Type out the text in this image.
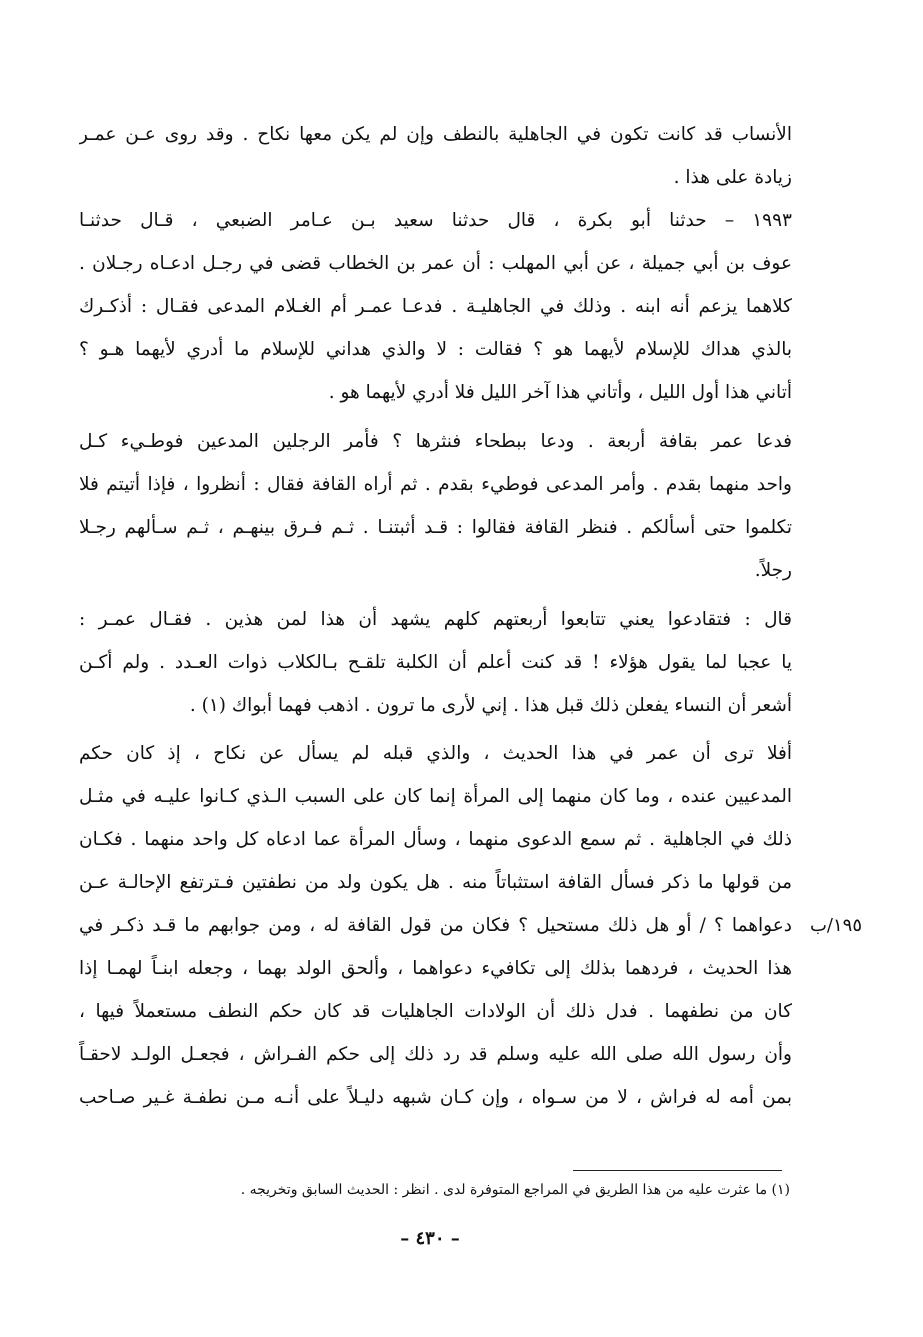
الأنساب قد كانت تكون في الجاهلية بالنطف وإن لم يكن معها نكاح . وقد روى عـن عمـر
زيادة على هذا .
١٩٩٣ – حدثنا أبو بكرة ، قال حدثنا سعيد بـن عـامر الضبعي ، قـال حدثنـا
عوف بن أبي جميلة ، عن أبي المهلب : أن عمر بن الخطاب قضى في رجـل ادعـاه رجـلان .
كلاهما يزعم أنه ابنه . وذلك في الجاهليـة . فدعـا عمـر أم الغـلام المدعى فقـال : أذكـرك
بالذي هداك للإسلام لأيهما هو ؟ فقالت : لا والذي هداني للإسلام ما أدري لأيهما هـو ؟
أتاني هذا أول الليل ، وأتاني هذا آخر الليل فلا أدري لأيهما هو .
فدعا عمر بقافة أربعة . ودعا ببطحاء فنثرها ؟ فأمر الرجلين المدعين فوطـيء كـل
واحد منهما بقدم . وأمر المدعى فوطيء بقدم . ثم أراه القافة فقال : أنظروا ، فإذا أتيتم فلا
تكلموا حتى أسألكم . فنظر القافة فقالوا : قـد أثبتنـا . ثـم فـرق بينهـم ، ثـم سـألهم رجـلا
رجلاً.
قال : فتقادعوا يعني تتابعوا أربعتهم كلهم يشهد أن هذا لمن هذين . فقـال عمـر :
يا عجبا لما يقول هؤلاء ! قد كنت أعلم أن الكلبة تلقـح بـالكلاب ذوات العـدد . ولم أكـن
أشعر أن النساء يفعلن ذلك قبل هذا . إني لأرى ما ترون . اذهب فهما أبواك (١) .
أفلا ترى أن عمر في هذا الحديث ، والذي قبله لم يسأل عن نكاح ، إذ كان حكم
المدعيين عنده ، وما كان منهما إلى المرأة إنما كان على السبب الـذي كـانوا عليـه في مثـل
ذلك في الجاهلية . ثم سمع الدعوى منهما ، وسأل المرأة عما ادعاه كل واحد منهما . فكـان
من قولها ما ذكر فسأل القافة استثباتاً منه . هل يكون ولد من نطفتين فـترتفع الإحالـة عـن
دعواهما ؟ / أو هل ذلك مستحيل ؟ فكان من قول القافة له ، ومن جوابهم ما قـد ذكـر في
هذا الحديث ، فردهما بذلك إلى تكافيء دعواهما ، وألحق الولد بهما ، وجعله ابنـاً لهمـا إذا
كان من نطفهما . فدل ذلك أن الولادات الجاهليات قد كان حكم النطف مستعملاً فيها ،
وأن رسول الله صلى الله عليه وسلم قد رد ذلك إلى حكم الفـراش ، فجعـل الولـد لاحقـاً
بمن أمه له فراش ، لا من سـواه ، وإن كـان شبهه دليـلاً على أنـه مـن نطفـة غـير صـاحب
١٩٥/ب
(١) ما عثرت عليه من هذا الطريق في المراجع المتوفرة لدى . انظر : الحديث السابق وتخريجه .
– ٤٣٠ –
